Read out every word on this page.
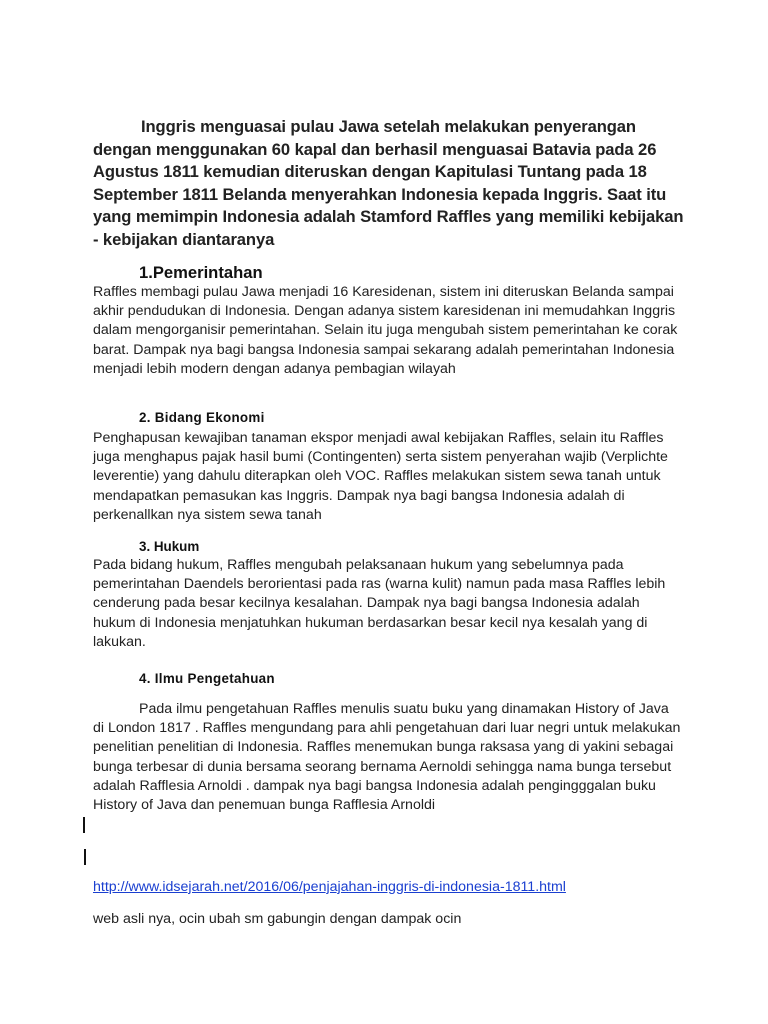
Inggris menguasai pulau Jawa setelah melakukan penyerangan dengan menggunakan 60 kapal dan berhasil menguasai Batavia pada 26 Agustus 1811 kemudian diteruskan dengan Kapitulasi Tuntang pada 18 September 1811 Belanda menyerahkan Indonesia kepada Inggris. Saat itu yang memimpin Indonesia adalah Stamford Raffles yang memiliki kebijakan - kebijakan diantaranya
1.Pemerintahan
Raffles membagi pulau Jawa menjadi 16 Karesidenan, sistem ini diteruskan Belanda sampai akhir pendudukan di Indonesia. Dengan adanya sistem karesidenan ini memudahkan Inggris dalam mengorganisir pemerintahan. Selain itu juga mengubah sistem pemerintahan ke corak barat. Dampak nya bagi bangsa Indonesia sampai sekarang adalah pemerintahan Indonesia menjadi lebih modern dengan adanya pembagian wilayah
2. Bidang Ekonomi
Penghapusan kewajiban tanaman ekspor menjadi awal kebijakan Raffles, selain itu Raffles juga menghapus pajak hasil bumi (Contingenten) serta sistem penyerahan wajib (Verplichte leverentie) yang dahulu diterapkan oleh VOC. Raffles melakukan sistem sewa tanah untuk mendapatkan pemasukan kas Inggris. Dampak nya bagi bangsa Indonesia adalah di perkenallkan nya sistem sewa tanah
3. Hukum
Pada bidang hukum, Raffles mengubah pelaksanaan hukum yang sebelumnya pada pemerintahan Daendels berorientasi pada ras (warna kulit) namun pada masa Raffles lebih cenderung pada besar kecilnya kesalahan. Dampak nya bagi bangsa Indonesia adalah hukum di Indonesia menjatuhkan hukuman berdasarkan besar kecil nya kesalah yang di lakukan.
4. Ilmu Pengetahuan
Pada ilmu pengetahuan Raffles menulis suatu buku yang dinamakan History of Java di London 1817 . Raffles mengundang para ahli pengetahuan dari luar negri untuk melakukan penelitian penelitian di Indonesia. Raffles menemukan bunga raksasa yang di yakini sebagai bunga terbesar di dunia bersama seorang bernama Aernoldi sehingga nama bunga tersebut adalah Rafflesia Arnoldi . dampak nya bagi bangsa Indonesia adalah pengingggalan buku History of Java dan penemuan bunga Rafflesia Arnoldi
http://www.idsejarah.net/2016/06/penjajahan-inggris-di-indonesia-1811.html
web asli nya, ocin ubah sm gabungin dengan dampak ocin
